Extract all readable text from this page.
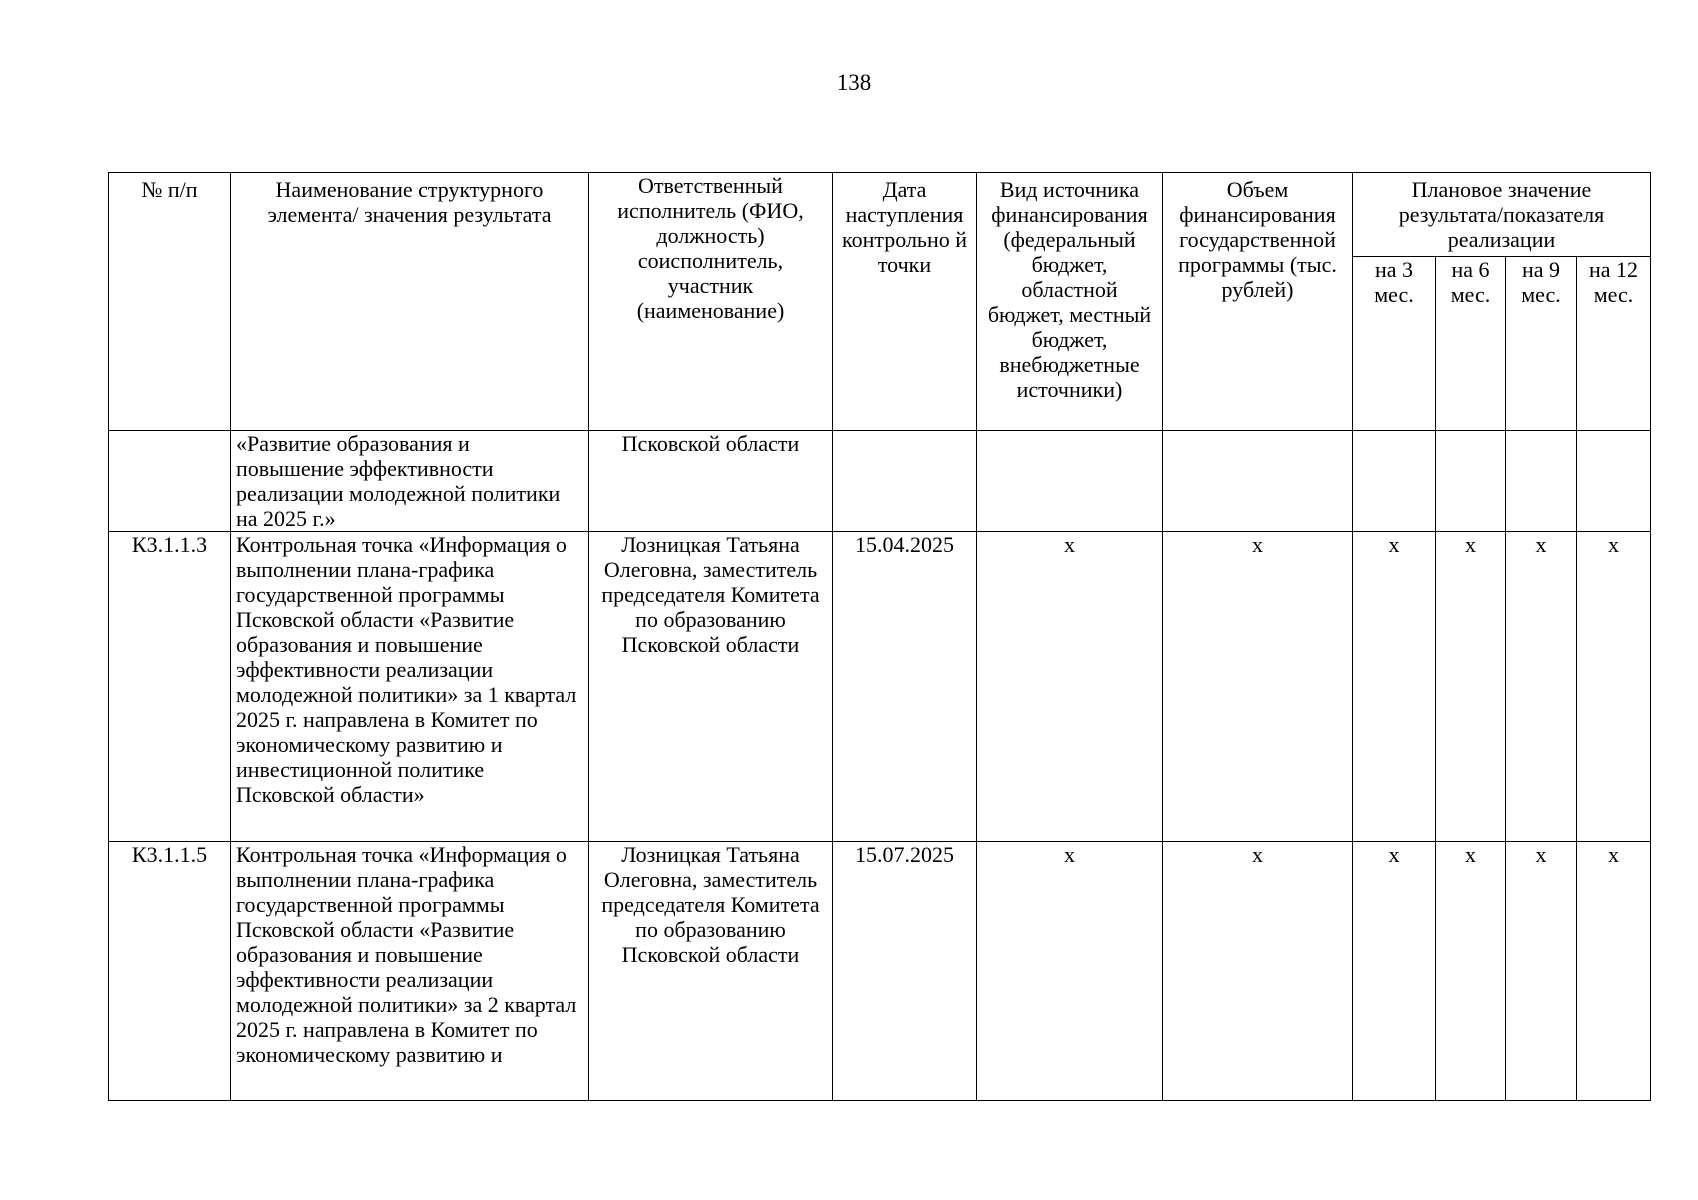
138
№ п/п	Наименование структурного элемента/ значения результата	Ответственный исполнитель (ФИО, должность) соисполнитель, участник (наименование)	Дата наступления контрольно й точки	Вид источника финансирования (федеральный бюджет, областной бюджет, местный бюджет, внебюджетные источники)	Объем финансирования государственной программы (тыс. рублей)	Плановое значение результата/показателя реализации			
						на 3 мес.	на 6 мес.	на 9 мес.	на 12 мес.
	«Развитие образования и повышение эффективности реализации молодежной политики на 2025 г.»	Псковской области							
К3.1.1.3	Контрольная точка «Информация о выполнении плана-графика государственной программы Псковской области «Развитие образования и повышение эффективности реализации молодежной политики» за 1 квартал 2025 г. направлена в Комитет по экономическому развитию и инвестиционной политике Псковской области»	Лозницкая Татьяна Олеговна, заместитель председателя Комитета по образованию Псковской области	15.04.2025	х	х	х	х	х	х
К3.1.1.5	Контрольная точка «Информация о выполнении плана-графика государственной программы Псковской области «Развитие образования и повышение эффективности реализации молодежной политики» за 2 квартал 2025 г. направлена в Комитет по экономическому развитию и	Лозницкая Татьяна Олеговна, заместитель председателя Комитета по образованию Псковской области	15.07.2025	х	х	х	х	х	х
